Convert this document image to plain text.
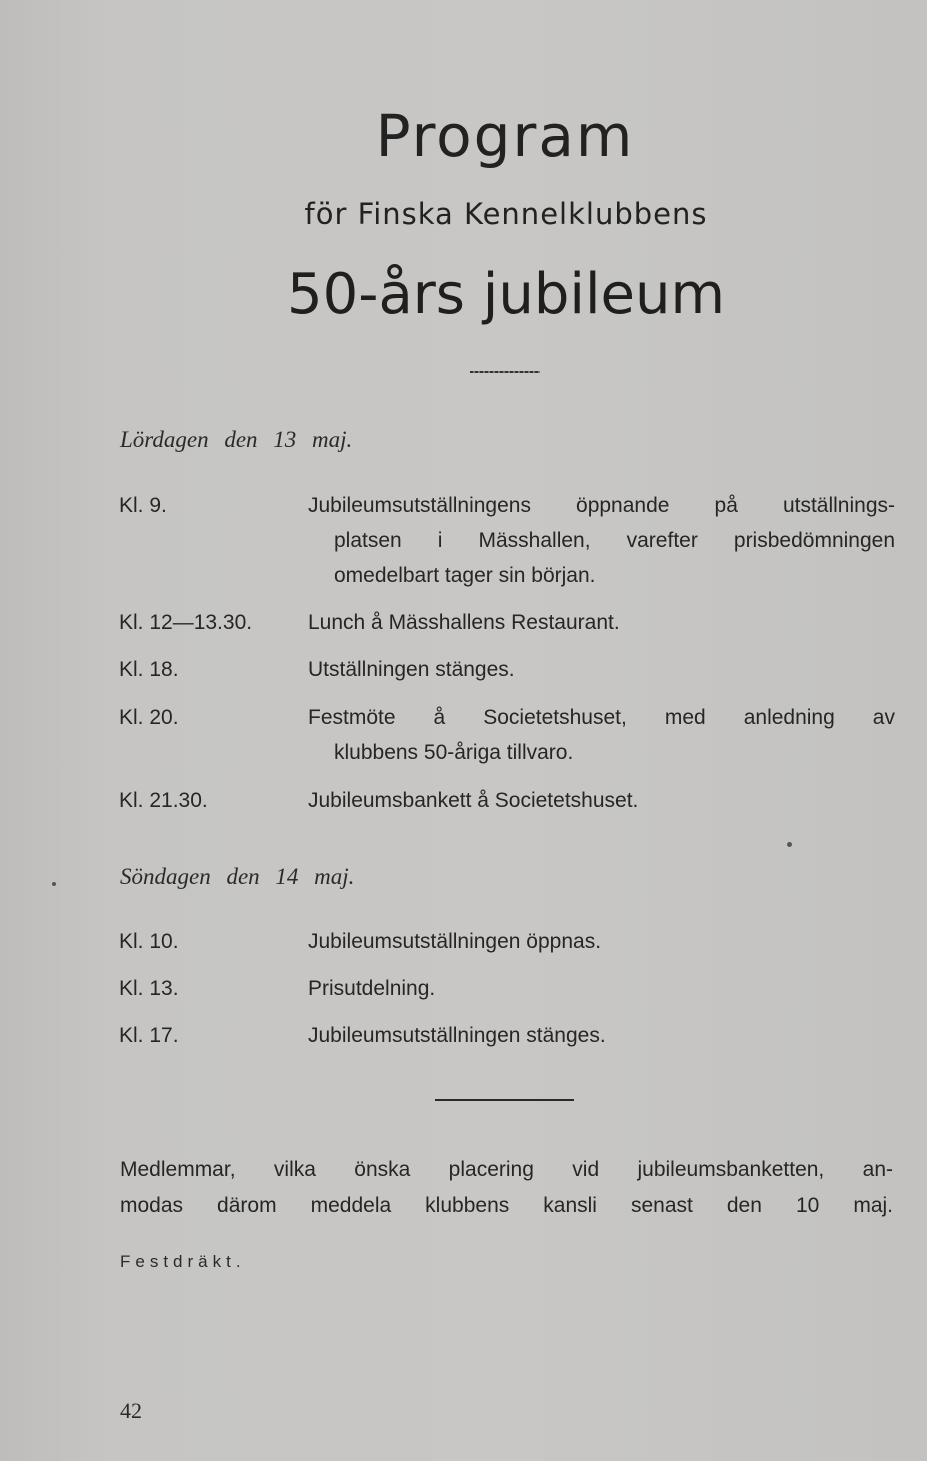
Program
för Finska Kennelklubbens
50-års jubileum
Lördagen den 13 maj.
Kl. 9.	Jubileumsutställningens öppnande på utställnings-
platsen i Mässhallen, varefter prisbedömningen
omedelbart tager sin början.
Kl. 12—13.30.	Lunch å Mässhallens Restaurant.
Kl. 18.	Utställningen stänges.
Kl. 20.	Festmöte å Societetshuset, med anledning av
klubbens 50-åriga tillvaro.
Kl. 21.30.	Jubileumsbankett å Societetshuset.
Söndagen den 14 maj.
Kl. 10.	Jubileumsutställningen öppnas.
Kl. 13.	Prisutdelning.
Kl. 17.	Jubileumsutställningen stänges.
Medlemmar, vilka önska placering vid jubileumsbanketten, an-
modas därom meddela klubbens kansli senast den 10 maj.
Festdräkt.
42
